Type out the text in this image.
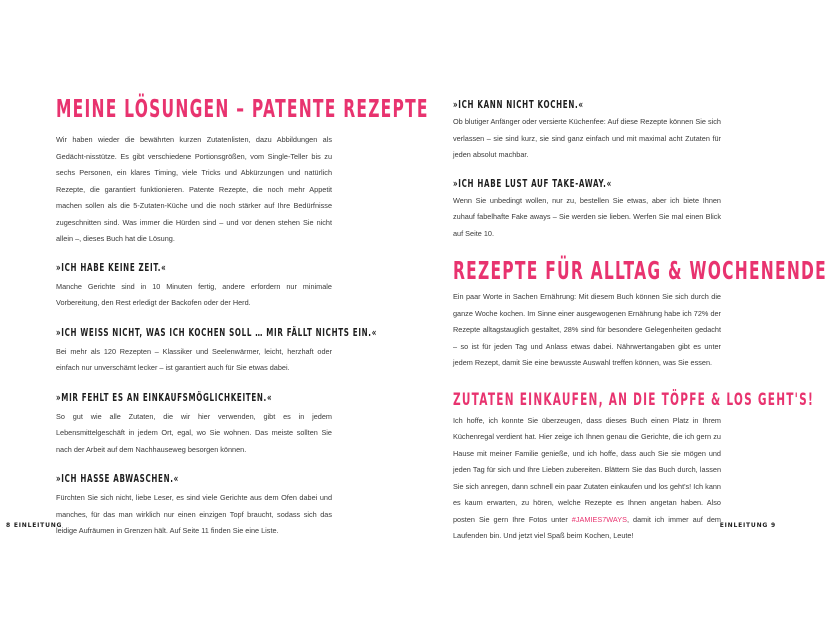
MEINE LÖSUNGEN – PATENTE REZEPTE

Wir haben wieder die bewährten kurzen Zutatenlisten, dazu Abbildungen als Gedächt-nisstütze. Es gibt verschiedene Portionsgrößen, vom Single-Teller bis zu sechs Personen, ein klares Timing, viele Tricks und Abkürzungen und natürlich Rezepte, die garantiert funktionieren. Patente Rezepte, die noch mehr Appetit machen sollen als die 5-Zutaten-Küche und die noch stärker auf Ihre Bedürfnisse zugeschnitten sind. Was immer die Hürden sind – und vor denen stehen Sie nicht allein –, dieses Buch hat die Lösung.

»ICH HABE KEINE ZEIT.«

Manche Gerichte sind in 10 Minuten fertig, andere erfordern nur minimale Vorbereitung, den Rest erledigt der Backofen oder der Herd.

»ICH WEISS NICHT, WAS ICH KOCHEN SOLL … MIR FÄLLT NICHTS EIN.«

Bei mehr als 120 Rezepten – Klassiker und Seelenwärmer, leicht, herzhaft oder einfach nur unverschämt lecker – ist garantiert auch für Sie etwas dabei.

»MIR FEHLT ES AN EINKAUFSMÖGLICHKEITEN.«

So gut wie alle Zutaten, die wir hier verwenden, gibt es in jedem Lebensmittelgeschäft in jedem Ort, egal, wo Sie wohnen. Das meiste sollten Sie nach der Arbeit auf dem Nachhauseweg besorgen können.

»ICH HASSE ABWASCHEN.«

Fürchten Sie sich nicht, liebe Leser, es sind viele Gerichte aus dem Ofen dabei und manches, für das man wirklich nur einen einzigen Topf braucht, sodass sich das leidige Aufräumen in Grenzen hält. Auf Seite 11 finden Sie eine Liste.

8 EINLEITUNG
»ICH KANN NICHT KOCHEN.«

Ob blutiger Anfänger oder versierte Küchenfee: Auf diese Rezepte können Sie sich verlassen – sie sind kurz, sie sind ganz einfach und mit maximal acht Zutaten für jeden absolut machbar.

»ICH HABE LUST AUF TAKE-AWAY.«

Wenn Sie unbedingt wollen, nur zu, bestellen Sie etwas, aber ich biete Ihnen zuhauf fabelhafte Fake aways – Sie werden sie lieben. Werfen Sie mal einen Blick auf Seite 10.

REZEPTE FÜR ALLTAG & WOCHENENDE

Ein paar Worte in Sachen Ernährung: Mit diesem Buch können Sie sich durch die ganze Woche kochen. Im Sinne einer ausgewogenen Ernährung habe ich 72% der Rezepte alltagstauglich gestaltet, 28% sind für besondere Gelegenheiten gedacht – so ist für jeden Tag und Anlass etwas dabei. Nährwertangaben gibt es unter jedem Rezept, damit Sie eine bewusste Auswahl treffen können, was Sie essen.

ZUTATEN EINKAUFEN, AN DIE TÖPFE & LOS GEHT'S!

Ich hoffe, ich konnte Sie überzeugen, dass dieses Buch einen Platz in Ihrem Küchenregal verdient hat. Hier zeige ich Ihnen genau die Gerichte, die ich gern zu Hause mit meiner Familie genieße, und ich hoffe, dass auch Sie sie mögen und jeden Tag für sich und Ihre Lieben zubereiten. Blättern Sie das Buch durch, lassen Sie sich anregen, dann schnell ein paar Zutaten einkaufen und los geht's! Ich kann es kaum erwarten, zu hören, welche Rezepte es Ihnen angetan haben. Also posten Sie gern Ihre Fotos unter #JAMIES7WAYS, damit ich immer auf dem Laufenden bin. Und jetzt viel Spaß beim Kochen, Leute!

EINLEITUNG 9
